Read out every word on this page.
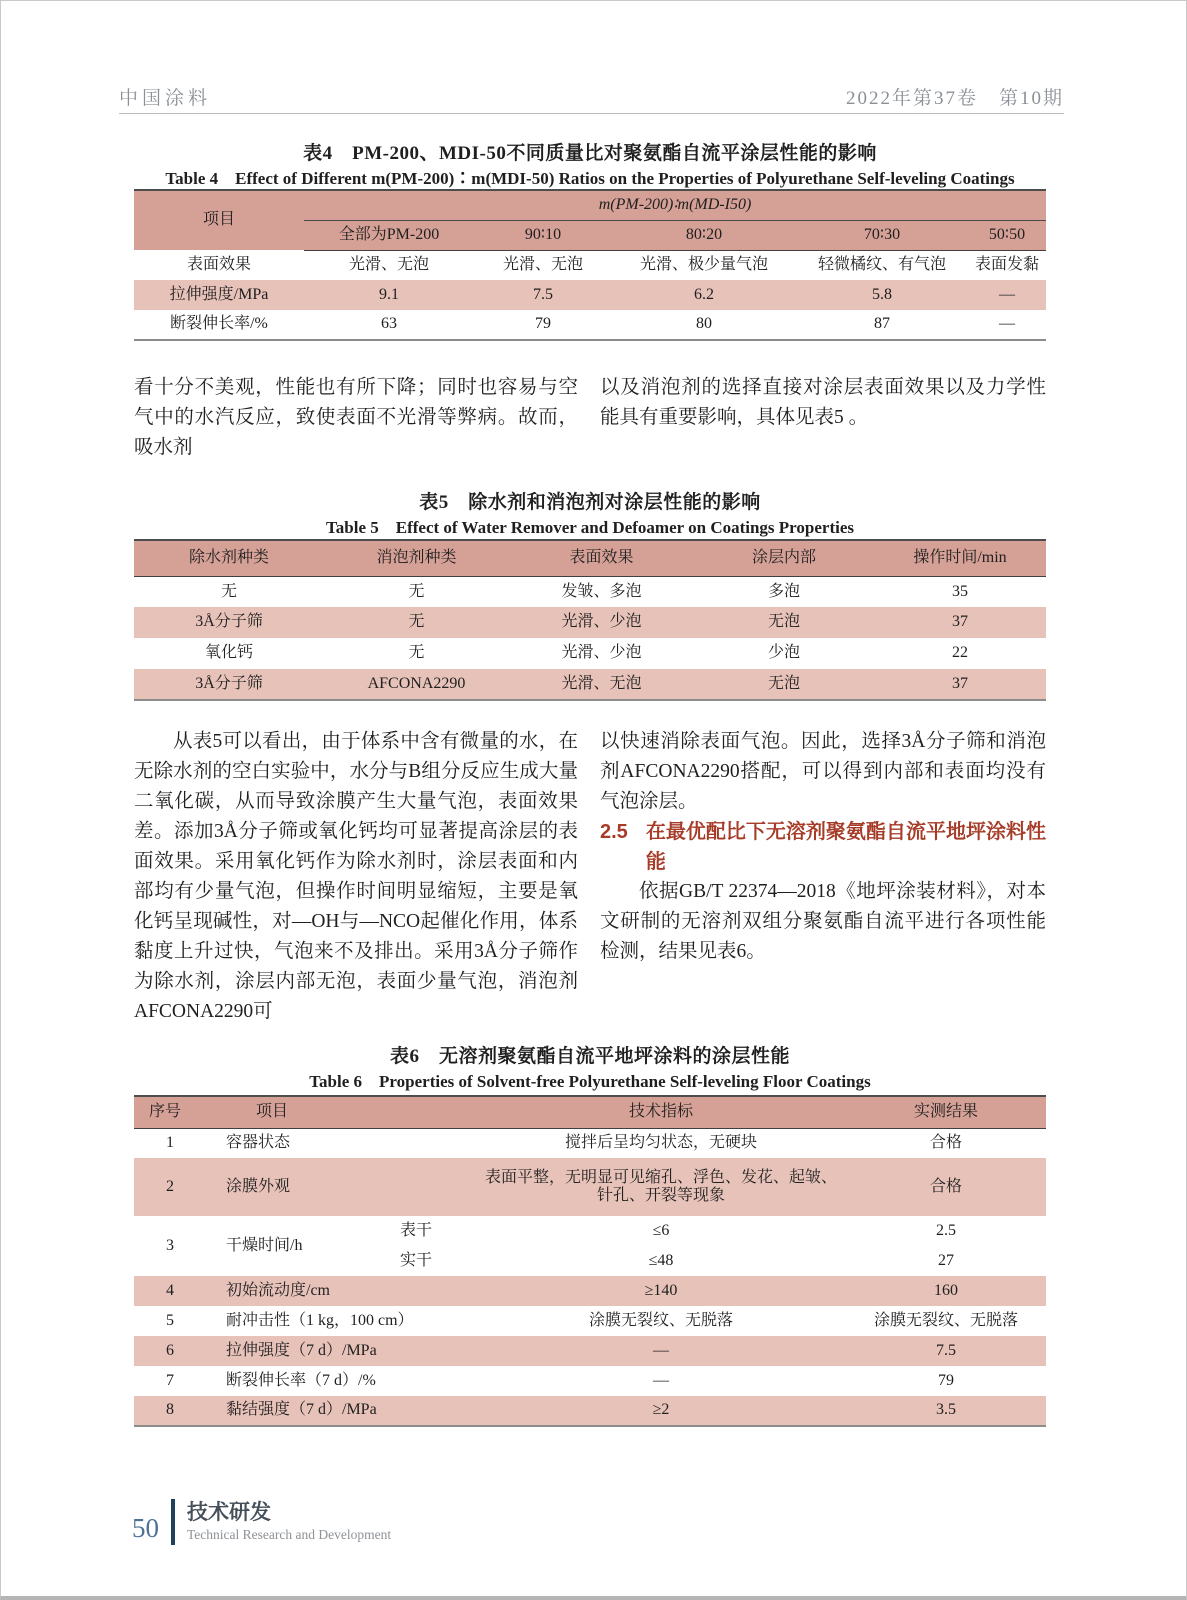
中国涂料	2022年第37卷　第10期
表4　PM-200、MDI-50不同质量比对聚氨酯自流平涂层性能的影响
Table 4　Effect of Different m(PM-200)∶m(MDI-50) Ratios on the Properties of Polyurethane Self-leveling Coatings
项目	m(PM-200)∶m(MD-I50)				
	全部为PM-200	90∶10	80∶20	70∶30	50∶50
表面效果	光滑、无泡	光滑、无泡	光滑、极少量气泡	轻微橘纹、有气泡	表面发黏
拉伸强度/MPa	9.1	7.5	6.2	5.8	—
断裂伸长率/%	63	79	80	87	—

看十分不美观，性能也有所下降；同时也容易与空气中的水汽反应，致使表面不光滑等弊病。故而，吸水剂

以及消泡剂的选择直接对涂层表面效果以及力学性能具有重要影响，具体见表5 。

表5　除水剂和消泡剂对涂层性能的影响
Table 5　Effect of Water Remover and Defoamer on Coatings Properties
除水剂种类	消泡剂种类	表面效果	涂层内部	操作时间/min
无	无	发皱、多泡	多泡	35
3Å分子筛	无	光滑、少泡	无泡	37
氧化钙	无	光滑、少泡	少泡	22
3Å分子筛	AFCONA2290	光滑、无泡	无泡	37

从表5可以看出，由于体系中含有微量的水，在无除水剂的空白实验中，水分与B组分反应生成大量二氧化碳，从而导致涂膜产生大量气泡，表面效果差。添加3Å分子筛或氧化钙均可显著提高涂层的表面效果。采用氧化钙作为除水剂时，涂层表面和内部均有少量气泡，但操作时间明显缩短，主要是氧化钙呈现碱性，对—OH与—NCO起催化作用，体系黏度上升过快，气泡来不及排出。采用3Å分子筛作为除水剂，涂层内部无泡，表面少量气泡，消泡剂AFCONA2290可

以快速消除表面气泡。因此，选择3Å分子筛和消泡剂AFCONA2290搭配，可以得到内部和表面均没有气泡涂层。

2.5 在最优配比下无溶剂聚氨酯自流平地坪涂料性能

依据GB/T 22374—2018《地坪涂装材料》，对本文研制的无溶剂双组分聚氨酯自流平进行各项性能检测，结果见表6。

表6　无溶剂聚氨酯自流平地坪涂料的涂层性能
Table 6　Properties of Solvent-free Polyurethane Self-leveling Floor Coatings
序号	项目		技术指标	实测结果
1	容器状态		搅拌后呈均匀状态，无硬块	合格
2	涂膜外观		表面平整，无明显可见缩孔、浮色、发花、起皱、针孔、开裂等现象	合格
3	干燥时间/h	表干	≤6	2.5
		实干	≤48	27
4	初始流动度/cm		≥140	160
5	耐冲击性（1 kg，100 cm）		涂膜无裂纹、无脱落	涂膜无裂纹、无脱落
6	拉伸强度（7 d）/MPa		—	7.5
7	断裂伸长率（7 d）/%		—	79
8	黏结强度（7 d）/MPa		≥2	3.5
50
技术研发
Technical Research and Development
